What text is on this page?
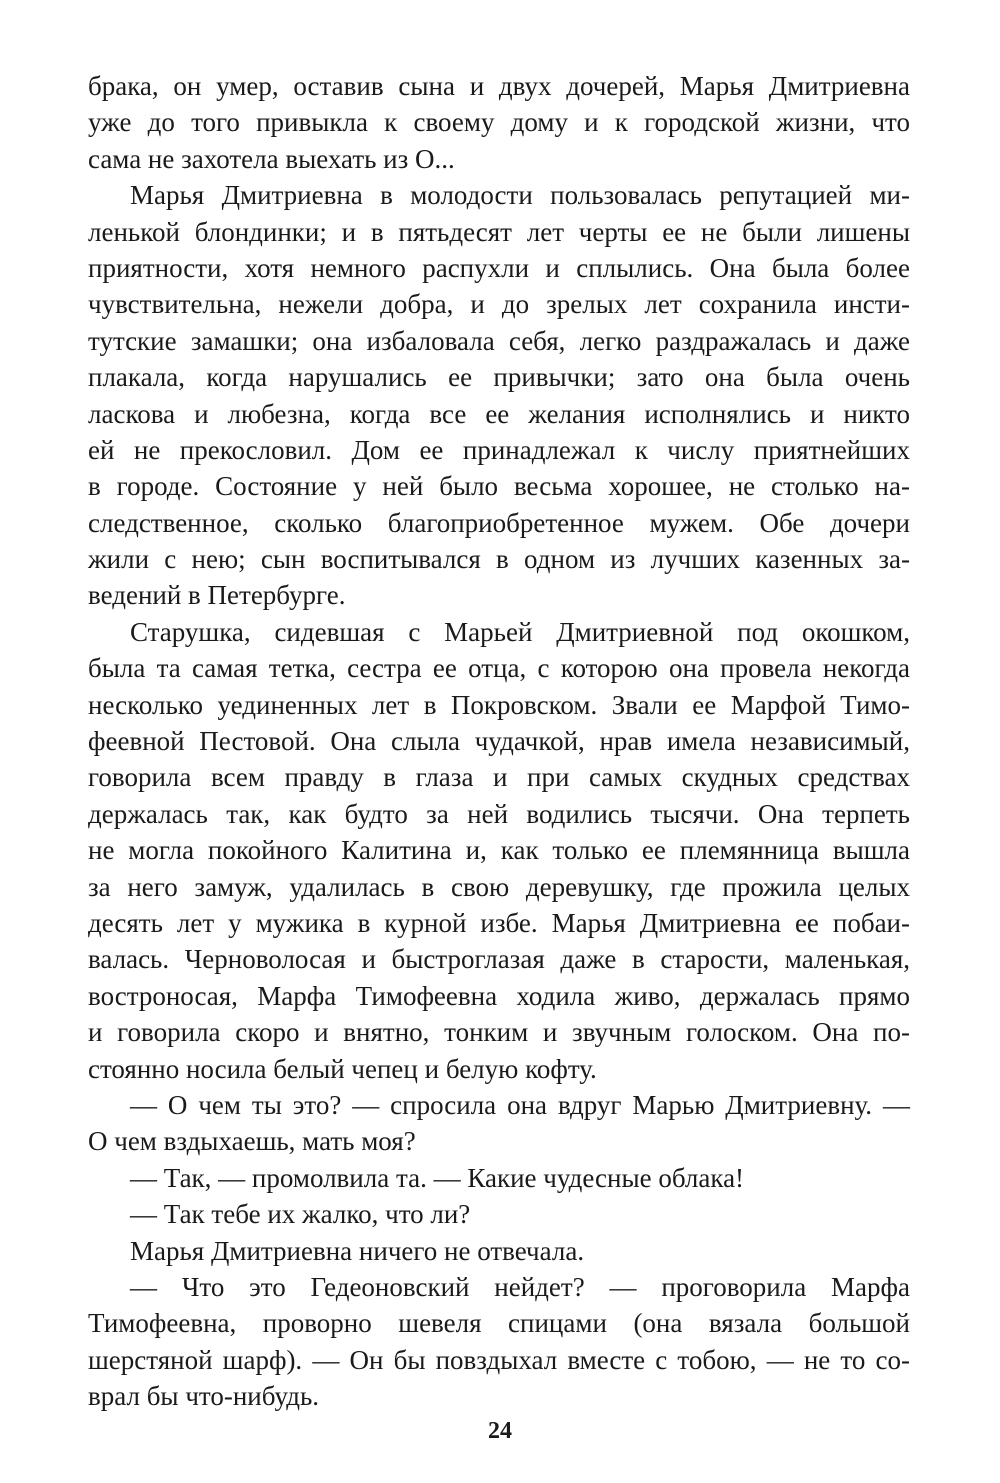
брака, он умер, оставив сына и двух дочерей, Марья Дмитриевна
уже до того привыкла к своему дому и к городской жизни, что
сама не захотела выехать из О...
Марья Дмитриевна в молодости пользовалась репутацией ми-
ленькой блондинки; и в пятьдесят лет черты ее не были лишены
приятности, хотя немного распухли и сплылись. Она была более
чувствительна, нежели добра, и до зрелых лет сохранила инсти-
тутские замашки; она избаловала себя, легко раздражалась и даже
плакала, когда нарушались ее привычки; зато она была очень
ласкова и любезна, когда все ее желания исполнялись и никто
ей не прекословил. Дом ее принадлежал к числу приятнейших
в городе. Состояние у ней было весьма хорошее, не столько на-
следственное, сколько благоприобретенное мужем. Обе дочери
жили с нею; сын воспитывался в одном из лучших казенных за-
ведений в Петербурге.
Старушка, сидевшая с Марьей Дмитриевной под окошком,
была та самая тетка, сестра ее отца, с которою она провела некогда
несколько уединенных лет в Покровском. Звали ее Марфой Тимо-
феевной Пестовой. Она слыла чудачкой, нрав имела независимый,
говорила всем правду в глаза и при самых скудных средствах
держалась так, как будто за ней водились тысячи. Она терпеть
не могла покойного Калитина и, как только ее племянница вышла
за него замуж, удалилась в свою деревушку, где прожила целых
десять лет у мужика в курной избе. Марья Дмитриевна ее побаи-
валась. Черноволосая и быстроглазая даже в старости, маленькая,
востроносая, Марфа Тимофеевна ходила живо, держалась прямо
и говорила скоро и внятно, тонким и звучным голоском. Она по-
стоянно носила белый чепец и белую кофту.
— О чем ты это? — спросила она вдруг Марью Дмитриевну. —
О чем вздыхаешь, мать моя?
— Так, — промолвила та. — Какие чудесные облака!
— Так тебе их жалко, что ли?
Марья Дмитриевна ничего не отвечала.
— Что это Гедеоновский нейдет? — проговорила Марфа
Тимофеевна, проворно шевеля спицами (она вязала большой
шерстяной шарф). — Он бы повздыхал вместе с тобою, — не то со-
врал бы что-нибудь.
24
